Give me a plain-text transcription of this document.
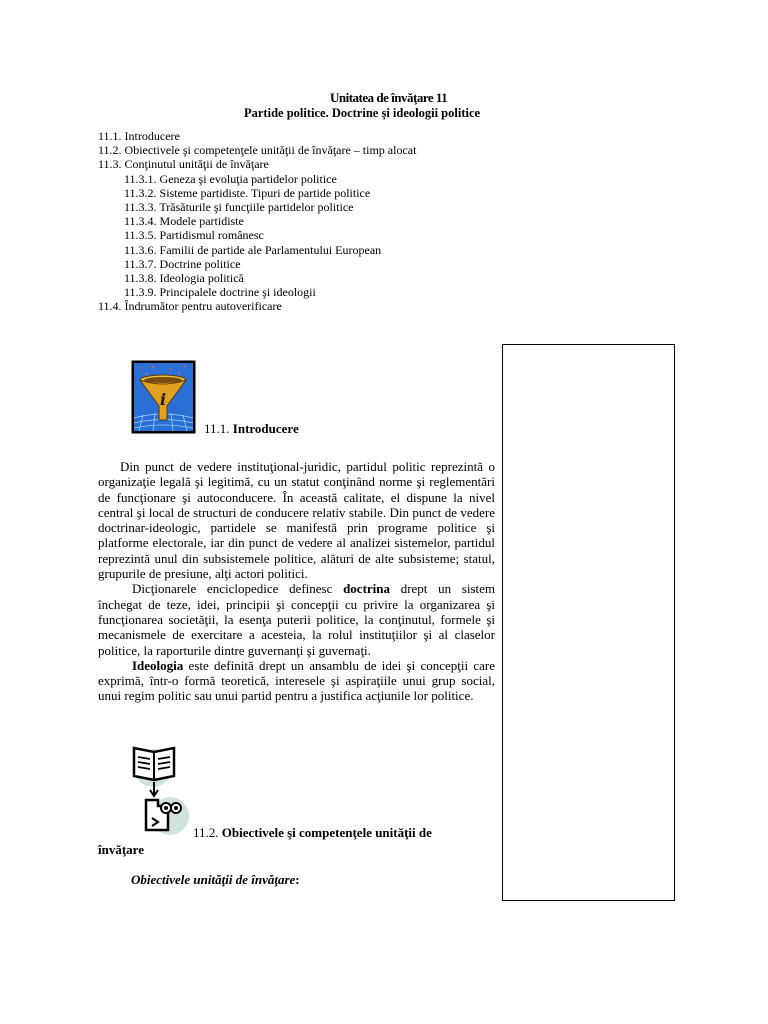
Unitatea de învăţare 11
Partide politice. Doctrine şi ideologii politice
11.1. Introducere
11.2. Obiectivele şi competenţele unităţii de învăţare – timp alocat
11.3. Conţinutul unităţii de învăţare
11.3.1. Geneza şi evoluţia partidelor politice
11.3.2. Sisteme partidiste. Tipuri de partide politice
11.3.3. Trăsăturile şi funcţiile partidelor politice
11.3.4. Modele partidiste
11.3.5. Partidismul românesc
11.3.6. Familii de partide ale Parlamentului European
11.3.7. Doctrine politice
11.3.8. Ideologia politică
11.3.9. Principalele doctrine şi ideologii
11.4. Îndrumător pentru autoverificare
i
11.1. Introducere

Din punct de vedere instituţional-juridic, partidul politic reprezintă o organizaţie legală şi legitimă, cu un statut conţinând norme şi reglementări de funcţionare şi autoconducere. În această calitate, el dispune la nivel central şi local de structuri de conducere relativ stabile. Din punct de vedere doctrinar-ideologic, partidele se manifestă prin programe politice şi platforme electorale, iar din punct de vedere al analizei sistemelor, partidul reprezintă unul din subsistemele politice, alături de alte subsisteme; statul, grupurile de presiune, alţi actori politici.

Dicţionarele enciclopedice definesc doctrina drept un sistem închegat de teze, idei, principii şi concepţii cu privire la organizarea şi funcţionarea societăţii, la esenţa puterii politice, la conţinutul, formele şi mecanismele de exercitare a acesteia, la rolul instituţiilor şi al claselor politice, la raporturile dintre guvernanţi şi guvernaţi.

Ideologia este definită drept un ansamblu de idei şi concepţii care exprimă, într-o formă teoretică, interesele şi aspiraţiile unui grup social, unui regim politic sau unui partid pentru a justifica acţiunile lor politice.

11.2. Obiectivele şi competenţele unităţii de
învăţare
Obiectivele unităţii de învăţare:
